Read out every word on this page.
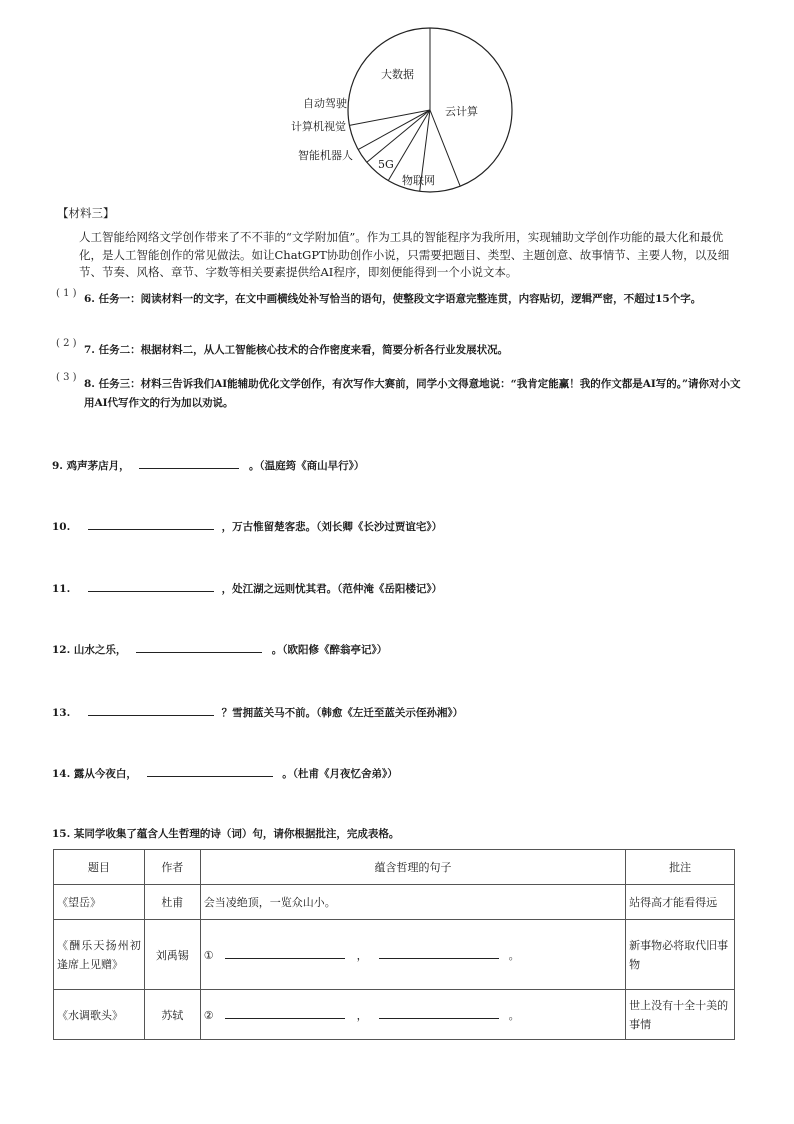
大数据
云计算
自动驾驶
计算机视觉
智能机器人
5G
物联网
【材料三】
人工智能给网络文学创作带来了不不菲的“文学附加值”。作为工具的智能程序为我所用，实现辅助文学创作功能的最大化和最优化，是人工智能创作的常见做法。如让ChatGPT协助创作小说，只需要把题目、类型、主题创意、故事情节、主要人物，以及细节、节奏、风格、章节、字数等相关要素提供给AI程序，即刻便能得到一个小说文本。
( 1 ) 6. 任务一：阅读材料一的文字，在文中画横线处补写恰当的语句，使整段文字语意完整连贯，内容贴切，逻辑严密，不超过15个字。
( 2 )
7. 任务二：根据材料二，从人工智能核心技术的合作密度来看，简要分析各行业发展状况。
( 3 )
8. 任务三：材料三告诉我们AI能辅助优化文学创作，有次写作大赛前，同学小文得意地说：“我肯定能赢！我的作文都是AI写的。”请你对小文用AI代写作文的行为加以劝说。
9. 鸡声茅店月，	。（温庭筠《商山早行》）
10.	，万古惟留楚客悲。（刘长卿《长沙过贾谊宅》）
11.	，处江湖之远则忧其君。（范仲淹《岳阳楼记》）
12. 山水之乐，	。（欧阳修《醉翁亭记》）
13.	？雪拥蓝关马不前。（韩愈《左迁至蓝关示侄孙湘》）
14. 露从今夜白，	。（杜甫《月夜忆舍弟》）
15. 某同学收集了蕴含人生哲理的诗（词）句，请你根据批注，完成表格。
题目	作者	蕴含哲理的句子	批注
《望岳》	杜甫	会当凌绝顶，一览众山小。	站得高才能看得远
《酬乐天扬州初逢席上见赠》	刘禹锡	① ， 。	新事物必将取代旧事物
《水调歌头》	苏轼	② ， 。	世上没有十全十美的事情
